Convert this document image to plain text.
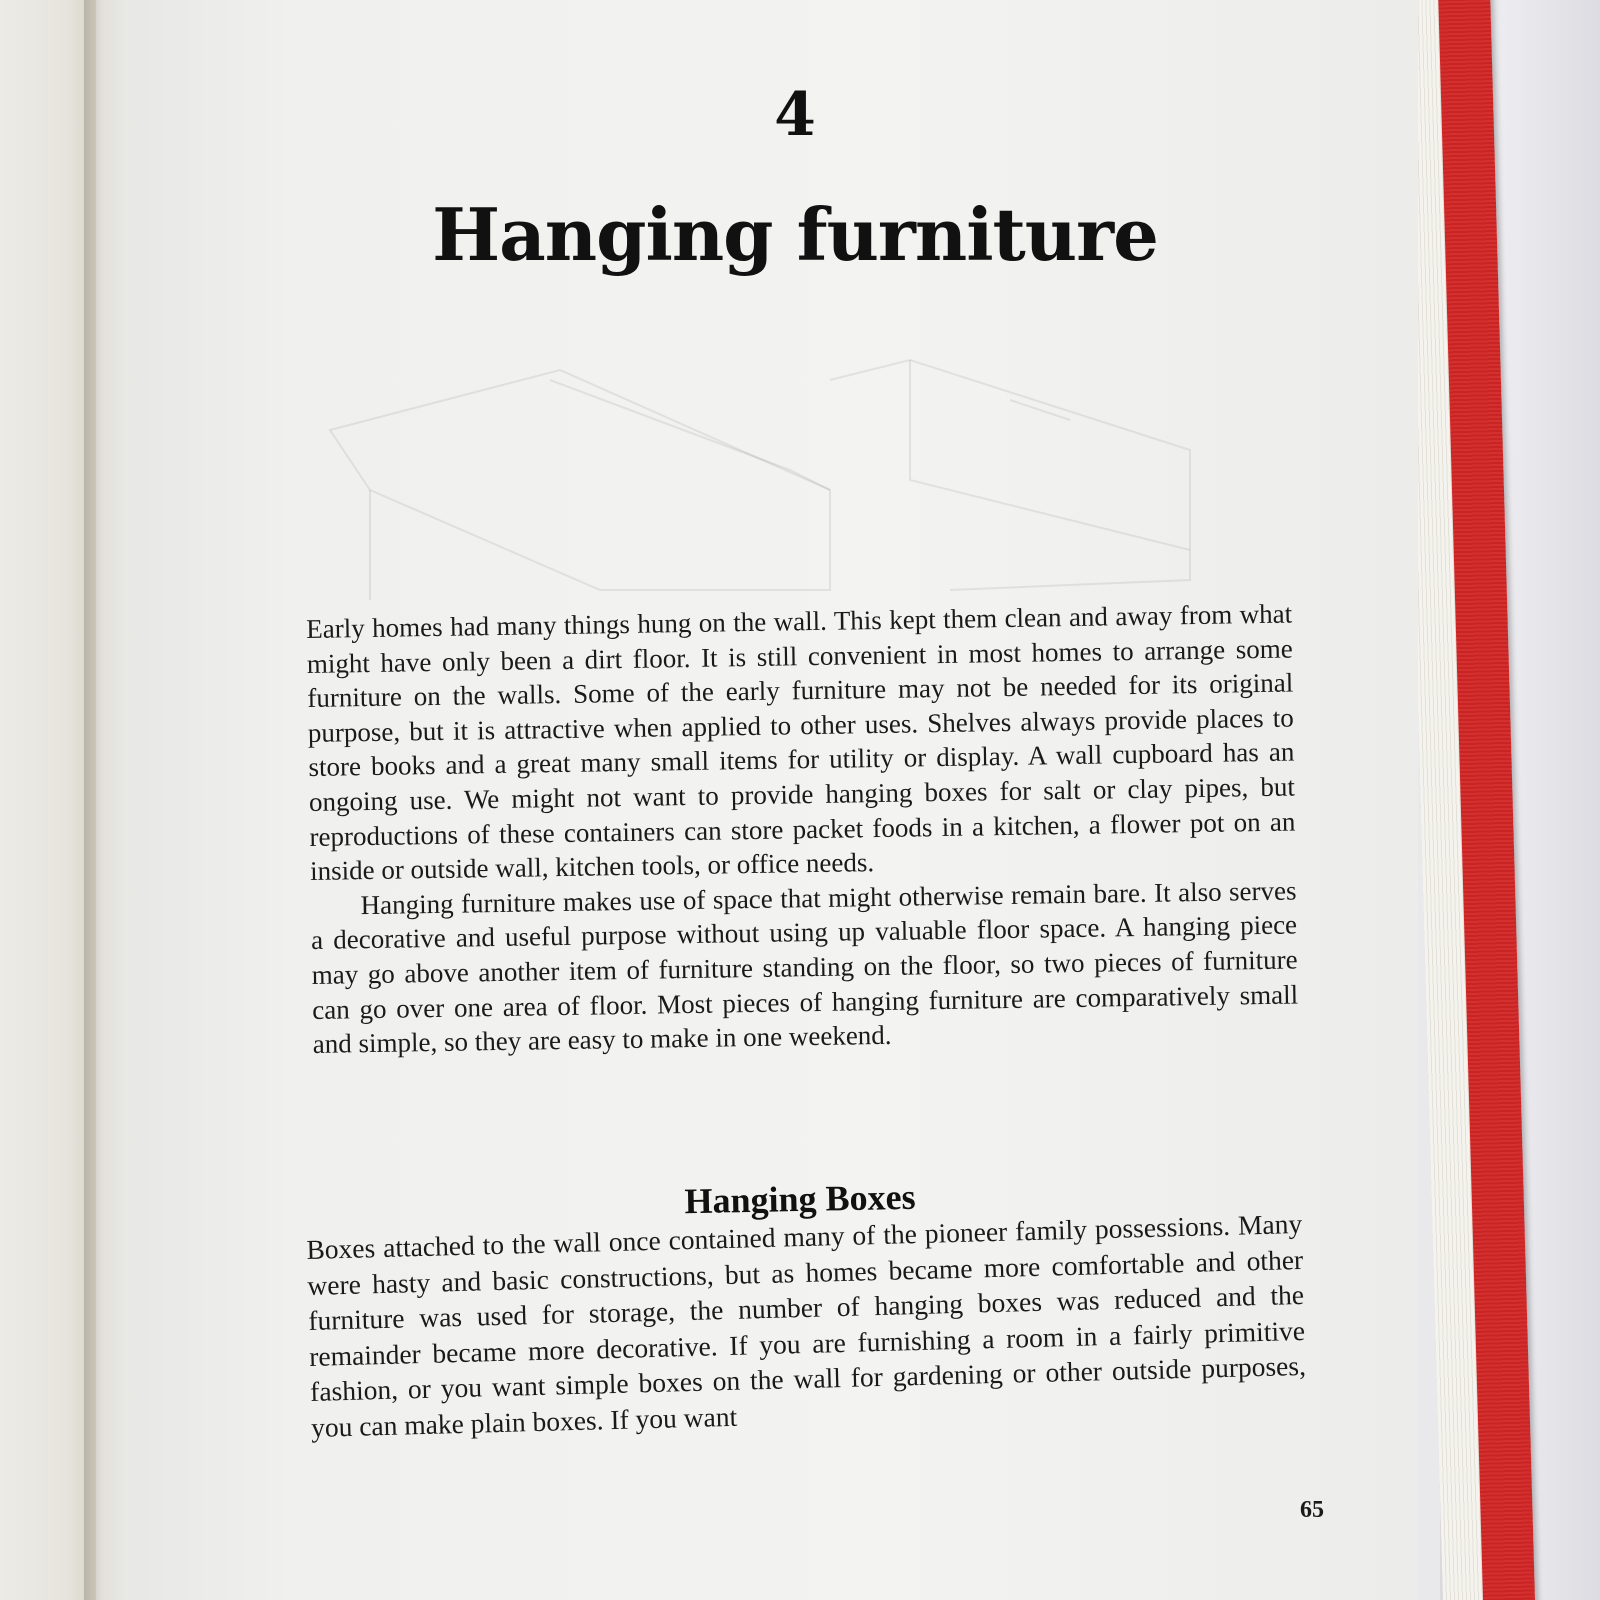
4
Hanging furniture

Early homes had many things hung on the wall. This kept them clean and away from what might have only been a dirt floor. It is still convenient in most homes to arrange some furniture on the walls. Some of the early furniture may not be needed for its original purpose, but it is attractive when applied to other uses. Shelves always provide places to store books and a great many small items for utility or display. A wall cupboard has an ongoing use. We might not want to provide hanging boxes for salt or clay pipes, but reproductions of these containers can store packet foods in a kitchen, a flower pot on an inside or outside wall, kitchen tools, or office needs.

Hanging furniture makes use of space that might otherwise remain bare. It also serves a decorative and useful purpose without using up valuable floor space. A hanging piece may go above another item of furniture standing on the floor, so two pieces of furniture can go over one area of floor. Most pieces of hanging furniture are comparatively small and simple, so they are easy to make in one weekend.

Hanging Boxes

Boxes attached to the wall once contained many of the pioneer family possessions. Many were hasty and basic constructions, but as homes became more comfortable and other furniture was used for storage, the number of hanging boxes was reduced and the remainder became more decorative. If you are furnishing a room in a fairly primitive fashion, or you want simple boxes on the wall for gardening or other outside purposes, you can make plain boxes. If you want

65
